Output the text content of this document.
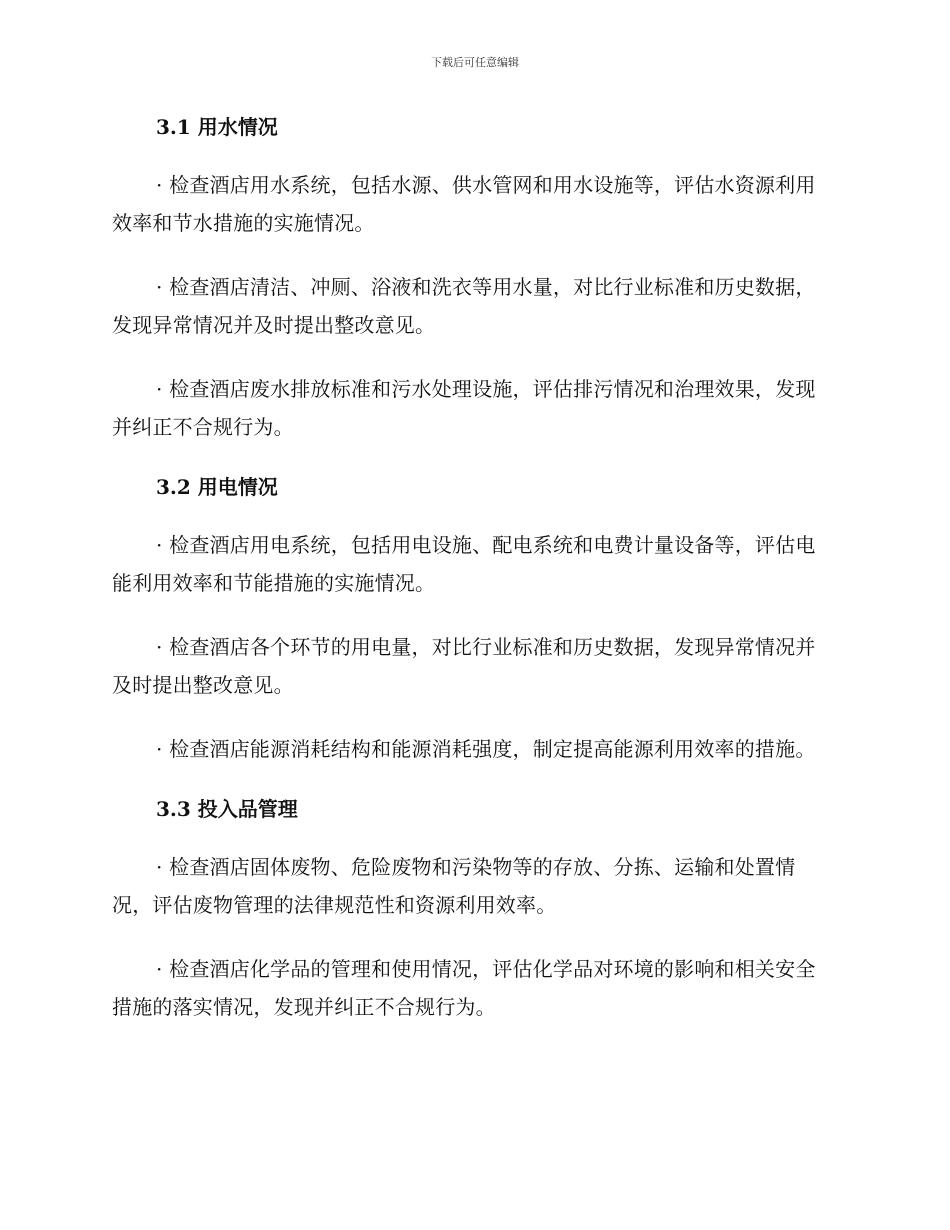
下载后可任意编辑
3.1 用水情况

· 检查酒店用水系统，包括水源、供水管网和用水设施等，评估水资源利用效率和节水措施的实施情况。

· 检查酒店清洁、冲厕、浴液和洗衣等用水量，对比行业标准和历史数据，发现异常情况并及时提出整改意见。

· 检查酒店废水排放标准和污水处理设施，评估排污情况和治理效果，发现并纠正不合规行为。

3.2 用电情况

· 检查酒店用电系统，包括用电设施、配电系统和电费计量设备等，评估电能利用效率和节能措施的实施情况。

· 检查酒店各个环节的用电量，对比行业标准和历史数据，发现异常情况并及时提出整改意见。

· 检查酒店能源消耗结构和能源消耗强度，制定提高能源利用效率的措施。

3.3 投入品管理

· 检查酒店固体废物、危险废物和污染物等的存放、分拣、运输和处置情况，评估废物管理的法律规范性和资源利用效率。

· 检查酒店化学品的管理和使用情况，评估化学品对环境的影响和相关安全措施的落实情况，发现并纠正不合规行为。
